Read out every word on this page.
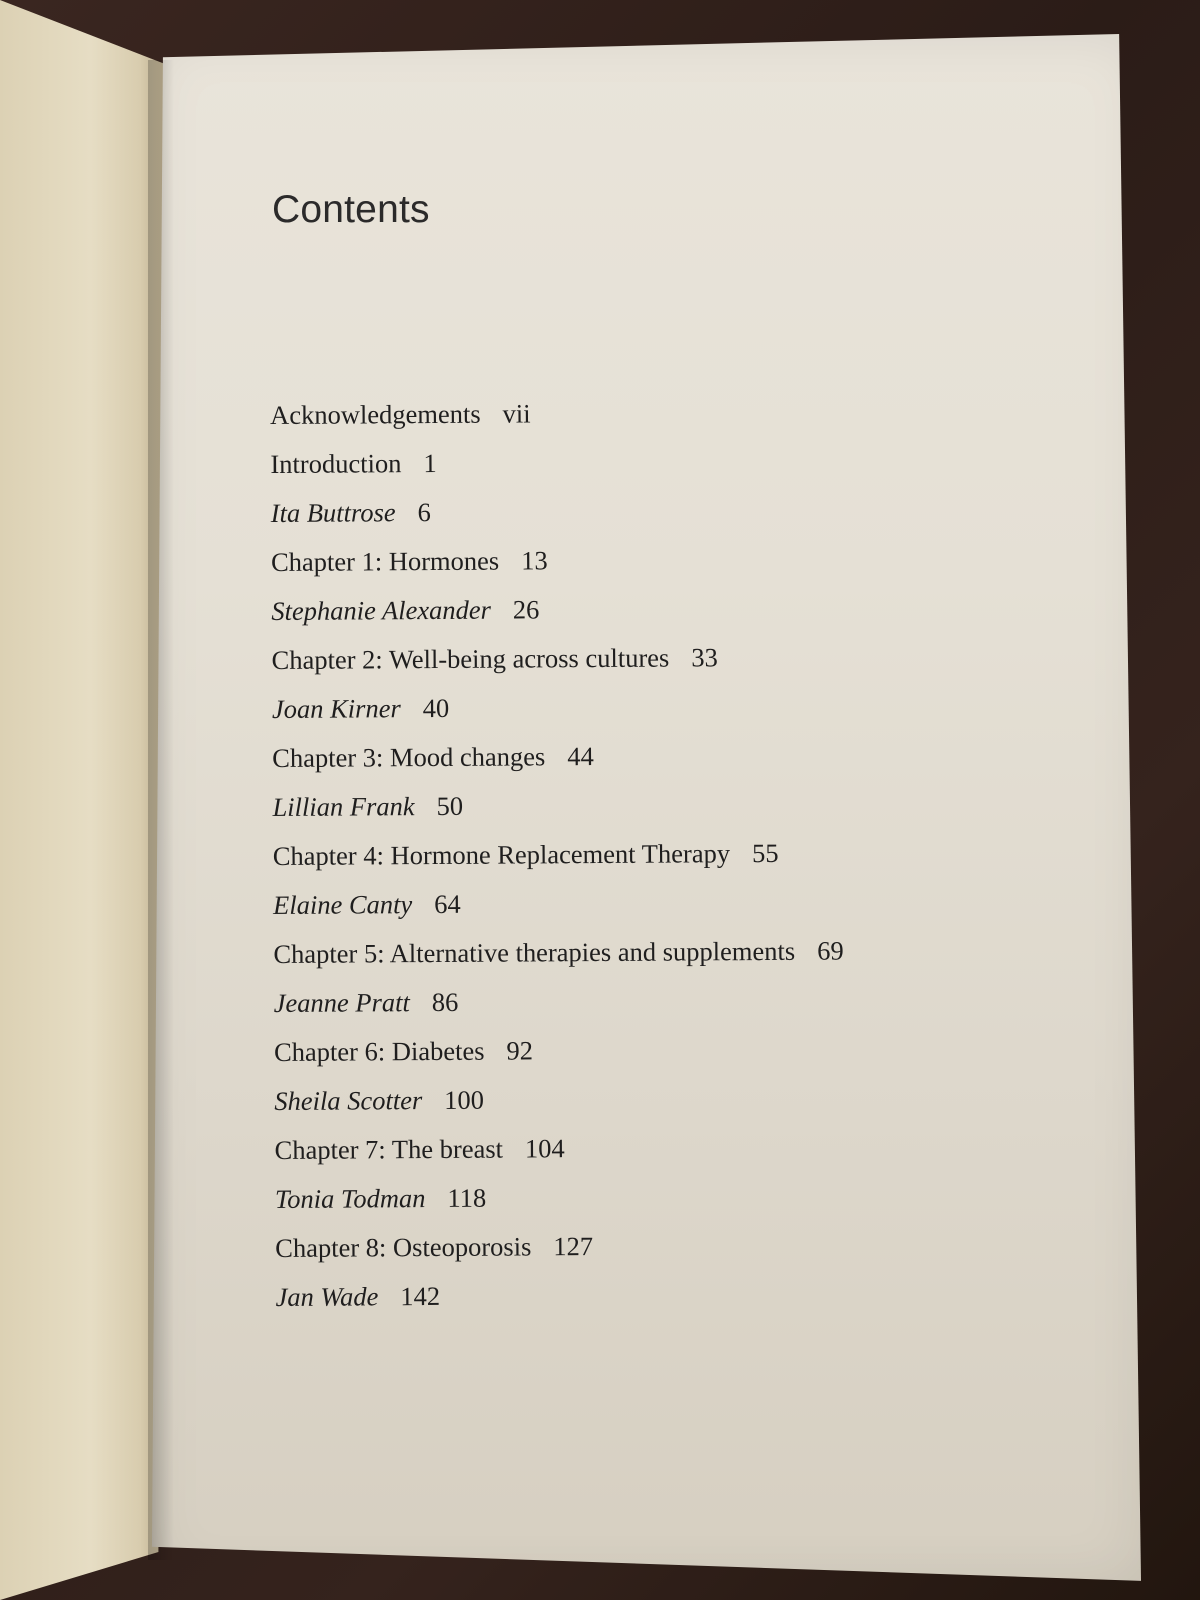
Contents
Acknowledgements vii
Introduction 1
Ita Buttrose 6
Chapter 1: Hormones 13
Stephanie Alexander 26
Chapter 2: Well-being across cultures 33
Joan Kirner 40
Chapter 3: Mood changes 44
Lillian Frank 50
Chapter 4: Hormone Replacement Therapy 55
Elaine Canty 64
Chapter 5: Alternative therapies and supplements 69
Jeanne Pratt 86
Chapter 6: Diabetes 92
Sheila Scotter 100
Chapter 7: The breast 104
Tonia Todman 118
Chapter 8: Osteoporosis 127
Jan Wade 142
